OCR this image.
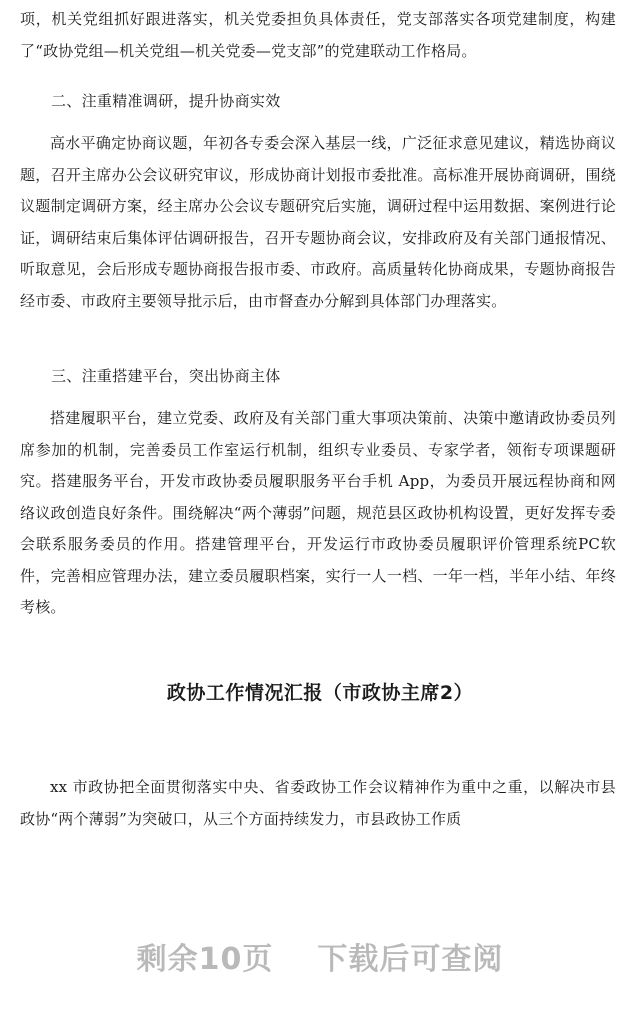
项，机关党组抓好跟进落实，机关党委担负具体责任，党支部落实各项党建制度，构建了“政协党组—机关党组—机关党委—党支部”的党建联动工作格局。

二、注重精准调研，提升协商实效

高水平确定协商议题，年初各专委会深入基层一线，广泛征求意见建议，精选协商议题，召开主席办公会议研究审议，形成协商计划报市委批准。高标准开展协商调研，围绕议题制定调研方案，经主席办公会议专题研究后实施，调研过程中运用数据、案例进行论证，调研结束后集体评估调研报告，召开专题协商会议，安排政府及有关部门通报情况、听取意见，会后形成专题协商报告报市委、市政府。高质量转化协商成果，专题协商报告经市委、市政府主要领导批示后，由市督查办分解到具体部门办理落实。

三、注重搭建平台，突出协商主体

搭建履职平台，建立党委、政府及有关部门重大事项决策前、决策中邀请政协委员列席参加的机制，完善委员工作室运行机制，组织专业委员、专家学者，领衔专项课题研究。搭建服务平台，开发市政协委员履职服务平台手机 App，为委员开展远程协商和网络议政创造良好条件。围绕解决“两个薄弱”问题，规范县区政协机构设置，更好发挥专委会联系服务委员的作用。搭建管理平台，开发运行市政协委员履职评价管理系统PC软件，完善相应管理办法，建立委员履职档案，实行一人一档、一年一档，半年小结、年终考核。

政协工作情况汇报（市政协主席2）

xx 市政协把全面贯彻落实中央、省委政协工作会议精神作为重中之重，以解决市县政协“两个薄弱”为突破口，从三个方面持续发力，市县政协工作质

剩余10页 下载后可查阅
